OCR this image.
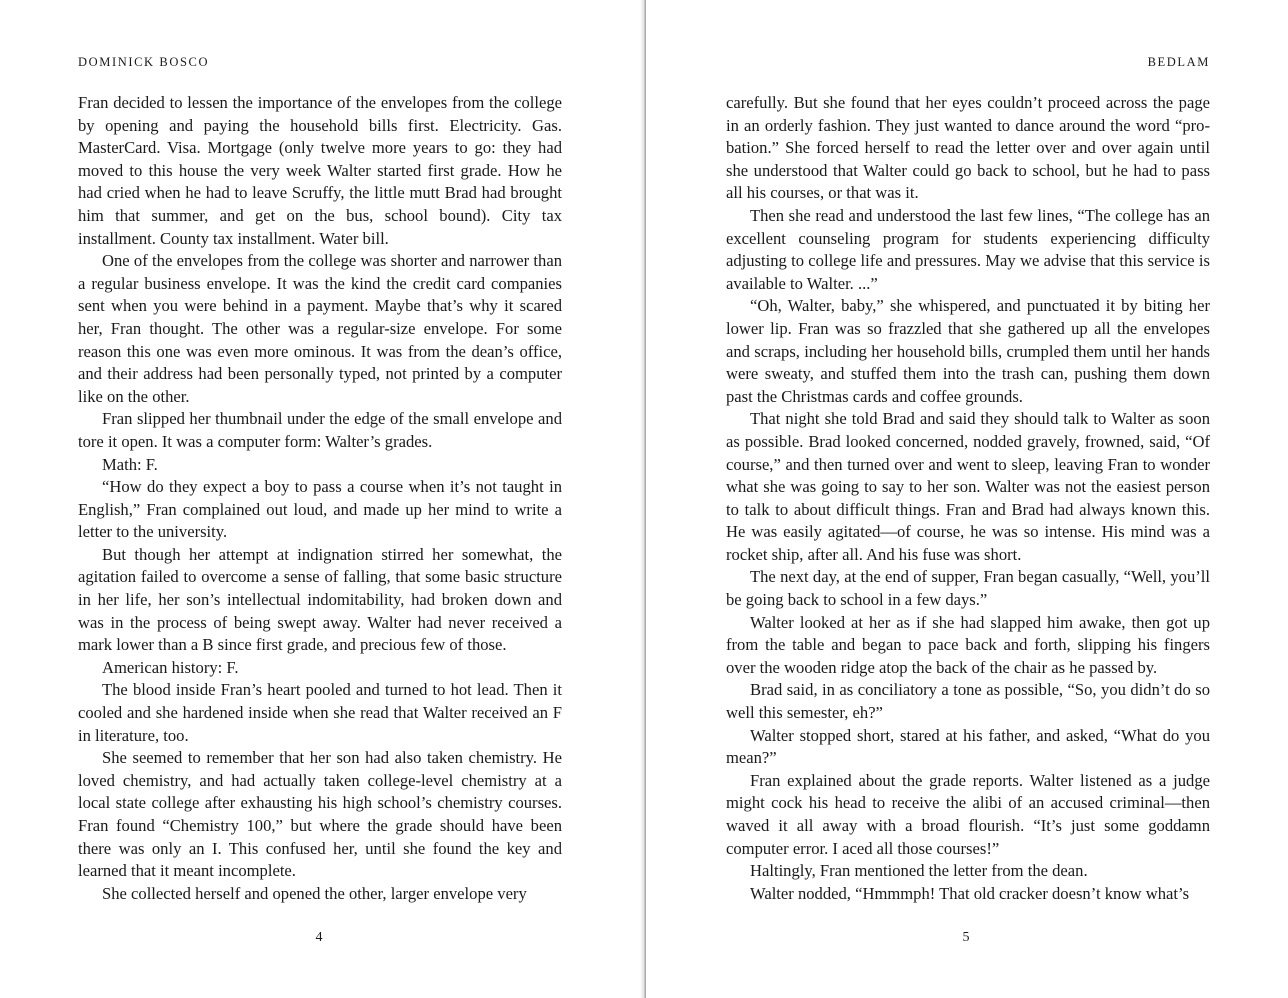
DOMINICK BOSCO

Fran decided to lessen the importance of the envelopes from the college by opening and paying the household bills first. Electricity. Gas. MasterCard. Visa. Mortgage (only twelve more years to go: they had moved to this house the very week Walter started first grade. How he had cried when he had to leave Scruffy, the little mutt Brad had brought him that summer, and get on the bus, school bound). City tax installment. County tax installment. Water bill.

One of the envelopes from the college was shorter and narrower than a regular business envelope. It was the kind the credit card companies sent when you were behind in a payment. Maybe that’s why it scared her, Fran thought. The other was a regular-size envelope. For some reason this one was even more ominous. It was from the dean’s office, and their address had been personally typed, not printed by a computer like on the other.

Fran slipped her thumbnail under the edge of the small envelope and tore it open. It was a computer form: Walter’s grades.

Math: F.

“How do they expect a boy to pass a course when it’s not taught in English,” Fran complained out loud, and made up her mind to write a letter to the university.

But though her attempt at indignation stirred her somewhat, the agitation failed to overcome a sense of falling, that some basic structure in her life, her son’s intellectual indomitability, had broken down and was in the process of being swept away. Walter had never received a mark lower than a B since first grade, and precious few of those.

American history: F.

The blood inside Fran’s heart pooled and turned to hot lead. Then it cooled and she hardened inside when she read that Walter received an F in literature, too.

She seemed to remember that her son had also taken chemistry. He loved chemistry, and had actually taken college-level chemistry at a local state college after exhausting his high school’s chemistry courses. Fran found “Chemistry 100,” but where the grade should have been there was only an I. This confused her, until she found the key and learned that it meant incomplete.

She collected herself and opened the other, larger envelope very

4
BEDLAM

carefully. But she found that her eyes couldn’t proceed across the page in an orderly fashion. They just wanted to dance around the word “probation.” She forced herself to read the letter over and over again until she understood that Walter could go back to school, but he had to pass all his courses, or that was it.

Then she read and understood the last few lines, “The college has an excellent counseling program for students experiencing difficulty adjusting to college life and pressures. May we advise that this service is available to Walter. ...”

“Oh, Walter, baby,” she whispered, and punctuated it by biting her lower lip. Fran was so frazzled that she gathered up all the envelopes and scraps, including her household bills, crumpled them until her hands were sweaty, and stuffed them into the trash can, pushing them down past the Christmas cards and coffee grounds.

That night she told Brad and said they should talk to Walter as soon as possible. Brad looked concerned, nodded gravely, frowned, said, “Of course,” and then turned over and went to sleep, leaving Fran to wonder what she was going to say to her son. Walter was not the easiest person to talk to about difficult things. Fran and Brad had always known this. He was easily agitated—of course, he was so intense. His mind was a rocket ship, after all. And his fuse was short.

The next day, at the end of supper, Fran began casually, “Well, you’ll be going back to school in a few days.”

Walter looked at her as if she had slapped him awake, then got up from the table and began to pace back and forth, slipping his fingers over the wooden ridge atop the back of the chair as he passed by.

Brad said, in as conciliatory a tone as possible, “So, you didn’t do so well this semester, eh?”

Walter stopped short, stared at his father, and asked, “What do you mean?”

Fran explained about the grade reports. Walter listened as a judge might cock his head to receive the alibi of an accused criminal—then waved it all away with a broad flourish. “It’s just some goddamn computer error. I aced all those courses!”

Haltingly, Fran mentioned the letter from the dean.

Walter nodded, “Hmmmph! That old cracker doesn’t know what’s

5
